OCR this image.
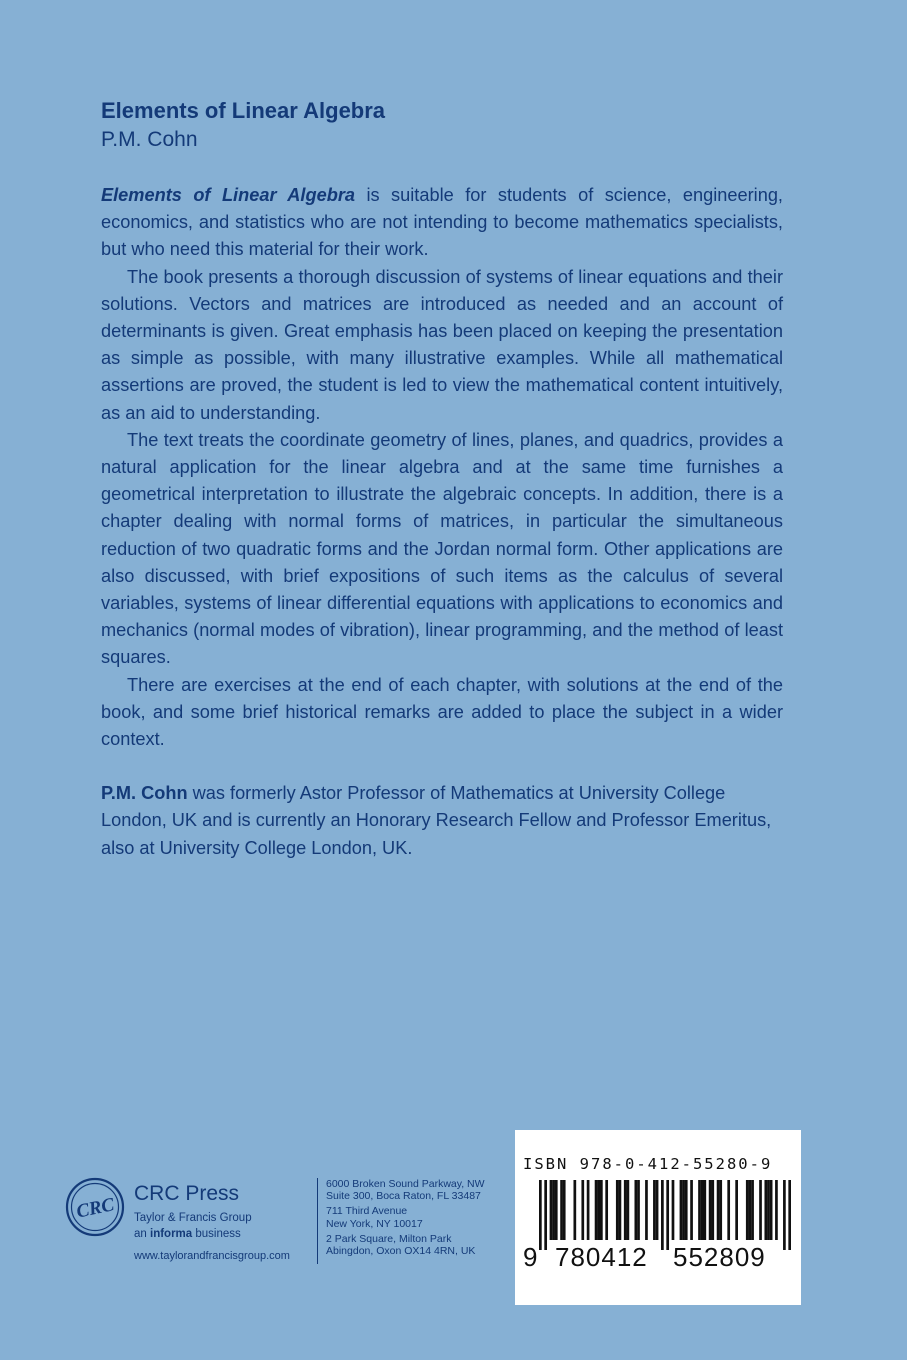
Elements of Linear Algebra
P.M. Cohn

Elements of Linear Algebra is suitable for students of science, engineering, economics, and statistics who are not intending to become mathematics specialists, but who need this material for their work.

The book presents a thorough discussion of systems of linear equations and their solutions. Vectors and matrices are introduced as needed and an account of determinants is given. Great emphasis has been placed on keeping the presentation as simple as possible, with many illustrative examples. While all mathematical assertions are proved, the student is led to view the mathematical content intuitively, as an aid to understanding.

The text treats the coordinate geometry of lines, planes, and quadrics, provides a natural application for the linear algebra and at the same time furnishes a geometrical interpretation to illustrate the algebraic concepts. In addition, there is a chapter dealing with normal forms of matrices, in particular the simultaneous reduction of two quadratic forms and the Jordan normal form. Other applications are also discussed, with brief expositions of such items as the calculus of several variables, systems of linear differential equations with applications to economics and mechanics (normal modes of vibration), linear programming, and the method of least squares.

There are exercises at the end of each chapter, with solutions at the end of the book, and some brief historical remarks are added to place the subject in a wider context.

P.M. Cohn was formerly Astor Professor of Mathematics at University College London, UK and is currently an Honorary Research Fellow and Professor Emeritus, also at University College London, UK.
CRC
CRC Press
Taylor & Francis Group
an informa business
www.taylorandfrancisgroup.com
6000 Broken Sound Parkway, NW
Suite 300, Boca Raton, FL 33487
711 Third Avenue
New York, NY 10017
2 Park Square, Milton Park
Abingdon, Oxon OX14 4RN, UK
ISBN 978-0-412-55280-9
9 780412 552809
